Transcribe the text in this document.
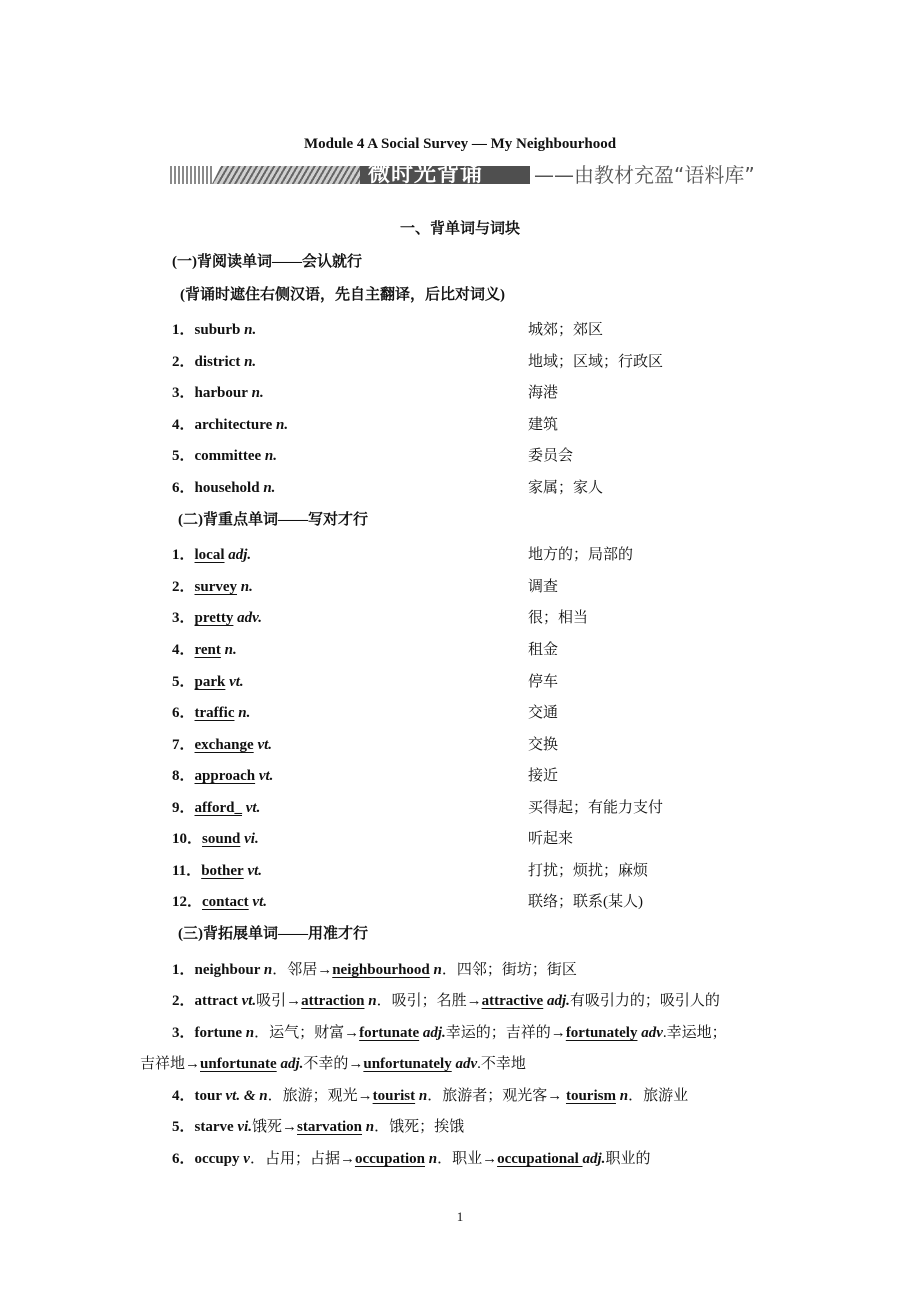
Module 4 A Social Survey — My Neighbourhood
微时光背诵	——由教材充盈“语料库”
一、背单词与词块
(一)背阅读单词——会认就行
(背诵时遮住右侧汉语，先自主翻译，后比对词义)
1．suburb n.	城郊；郊区
2．district n.	地域；区域；行政区
3．harbour n.	海港
4．architecture n.	建筑
5．committee n.	委员会
6．household n.	家属；家人
(二)背重点单词——写对才行
1．local adj.	地方的；局部的
2．survey n.	调查
3．pretty adv.	很；相当
4．rent n.	租金
5．park vt.	停车
6．traffic n.	交通
7．exchange vt.	交换
8．approach vt.	接近
9．afford_ vt.	买得起；有能力支付
10．sound vi.	听起来
11．bother vt.	打扰；烦扰；麻烦
12．contact vt.	联络；联系(某人)
(三)背拓展单词——用准才行
1．neighbour n．邻居→neighbourhood n．四邻；街坊；街区
2．attract vt.吸引→attraction n．吸引；名胜→attractive adj.有吸引力的；吸引人的
3．fortune n．运气；财富→fortunate adj.幸运的；吉祥的→fortunately adv.幸运地；
吉祥地→unfortunate adj.不幸的→unfortunately adv.不幸地
4．tour vt. & n．旅游；观光→tourist n．旅游者；观光客→ tourism n．旅游业
5．starve vi.饿死→starvation n．饿死；挨饿
6．occupy v．占用；占据→occupation n．职业→occupational adj.职业的
1
